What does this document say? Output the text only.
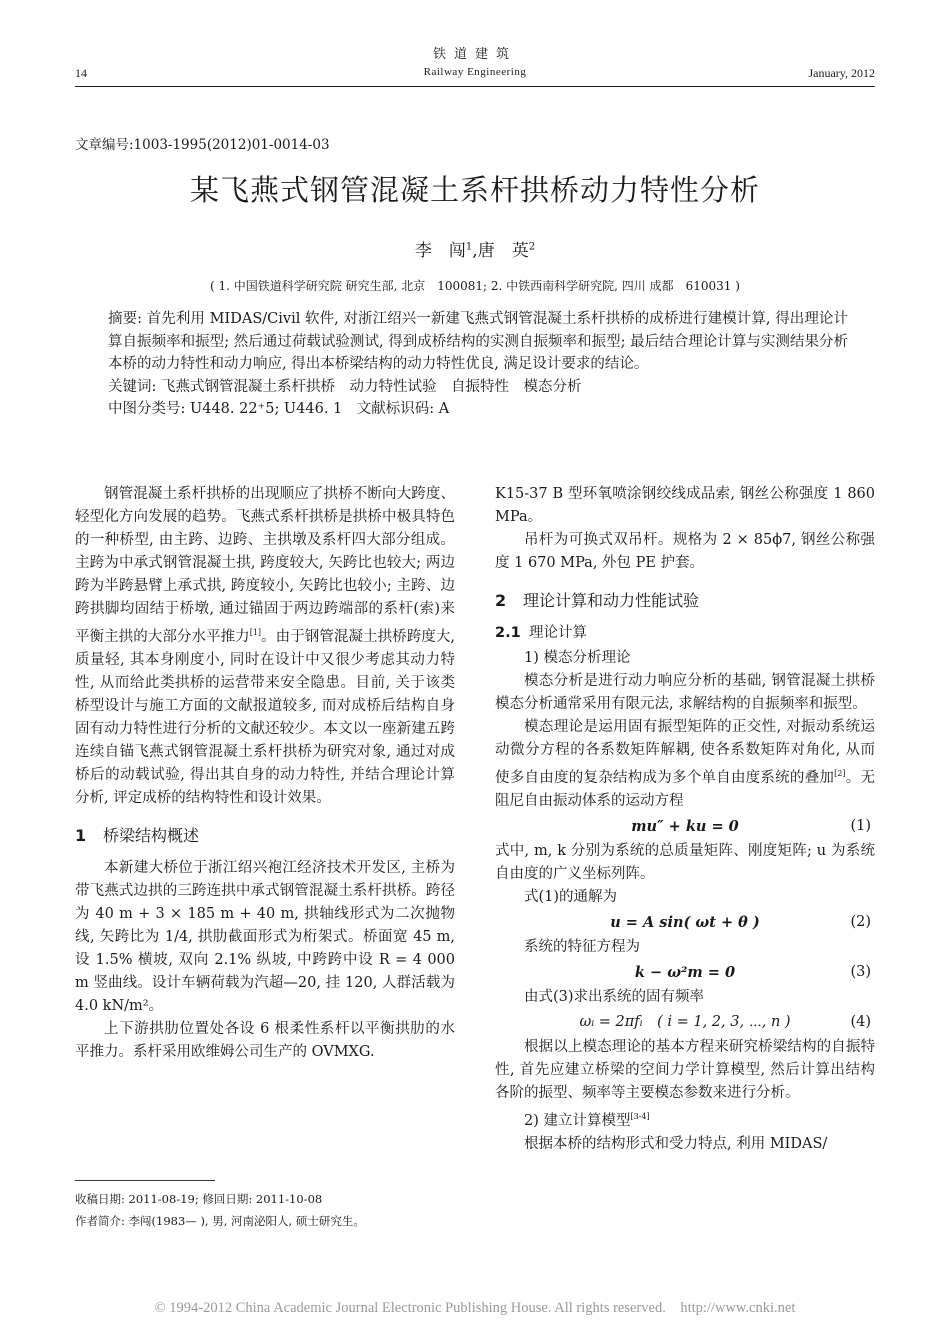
铁道建筑
14	Railway Engineering	January, 2012
文章编号:1003-1995(2012)01-0014-03
某飞燕式钢管混凝土系杆拱桥动力特性分析
李　闯$^1$,唐　英$^2$
( 1. 中国铁道科学研究院 研究生部, 北京　100081; 2. 中铁西南科学研究院, 四川 成都　610031 )
摘要: 首先利用 MIDAS/Civil 软件, 对浙江绍兴一新建飞燕式钢管混凝土系杆拱桥的成桥进行建模计算, 得出理论计算自振频率和振型; 然后通过荷载试验测试, 得到成桥结构的实测自振频率和振型; 最后结合理论计算与实测结果分析本桥的动力特性和动力响应, 得出本桥梁结构的动力特性优良, 满足设计要求的结论。
关键词: 飞燕式钢管混凝土系杆拱桥　动力特性试验　自振特性　模态分析
中图分类号: U448. 22⁺5; U446. 1　文献标识码: A

钢管混凝土系杆拱桥的出现顺应了拱桥不断向大跨度、轻型化方向发展的趋势。飞燕式系杆拱桥是拱桥中极具特色的一种桥型, 由主跨、边跨、主拱墩及系杆四大部分组成。主跨为中承式钢管混凝土拱, 跨度较大, 矢跨比也较大; 两边跨为半跨悬臂上承式拱, 跨度较小, 矢跨比也较小; 主跨、边跨拱脚均固结于桥墩, 通过锚固于两边跨端部的系杆(索)来平衡主拱的大部分水平推力[1]。由于钢管混凝土拱桥跨度大, 质量轻, 其本身刚度小, 同时在设计中又很少考虑其动力特性, 从而给此类拱桥的运营带来安全隐患。目前, 关于该类桥型设计与施工方面的文献报道较多, 而对成桥后结构自身固有动力特性进行分析的文献还较少。本文以一座新建五跨连续自锚飞燕式钢管混凝土系杆拱桥为研究对象, 通过对成桥后的动载试验, 得出其自身的动力特性, 并结合理论计算分析, 评定成桥的结构特性和设计效果。

1 桥梁结构概述

本新建大桥位于浙江绍兴袍江经济技术开发区, 主桥为带飞燕式边拱的三跨连拱中承式钢管混凝土系杆拱桥。跨径为 40 m + 3 × 185 m + 40 m, 拱轴线形式为二次抛物线, 矢跨比为 1/4, 拱肋截面形式为桁架式。桥面宽 45 m, 设 1.5% 横坡, 双向 2.1% 纵坡, 中跨跨中设 R = 4 000 m 竖曲线。设计车辆荷载为汽超—20, 挂 120, 人群活载为 4.0 kN/m²。

上下游拱肋位置处各设 6 根柔性系杆以平衡拱肋的水平推力。系杆采用欧维姆公司生产的 OVMXG.

K15-37 B 型环氧喷涂钢绞线成品索, 钢丝公称强度 1 860 MPa。

吊杆为可换式双吊杆。规格为 2 × 85ϕ7, 钢丝公称强度 1 670 MPa, 外包 PE 护套。

2 理论计算和动力性能试验
2.1 理论计算

1) 模态分析理论

模态分析是进行动力响应分析的基础, 钢管混凝土拱桥模态分析通常采用有限元法, 求解结构的自振频率和振型。

模态理论是运用固有振型矩阵的正交性, 对振动系统运动微分方程的各系数矩阵解耦, 使各系数矩阵对角化, 从而使多自由度的复杂结构成为多个单自由度系统的叠加[2]。无阻尼自由振动体系的运动方程

mu″ + ku = 0	(1)

式中, m, k 分别为系统的总质量矩阵、刚度矩阵; u 为系统自由度的广义坐标列阵。

式(1)的通解为

u = A sin( ωt + θ )	(2)

系统的特征方程为

k − ω²m = 0	(3)

由式(3)求出系统的固有频率

ωᵢ = 2πfᵢ　( i = 1, 2, 3, ⋯, n )	(4)

根据以上模态理论的基本方程来研究桥梁结构的自振特性, 首先应建立桥梁的空间力学计算模型, 然后计算出结构各阶的振型、频率等主要模态参数来进行分析。

2) 建立计算模型[3-4]

根据本桥的结构形式和受力特点, 利用 MIDAS/

收稿日期: 2011-08-19; 修回日期: 2011-10-08
作者简介: 李闯(1983— ), 男, 河南泌阳人, 硕士研究生。
© 1994-2012 China Academic Journal Electronic Publishing House. All rights reserved.　http://www.cnki.net
